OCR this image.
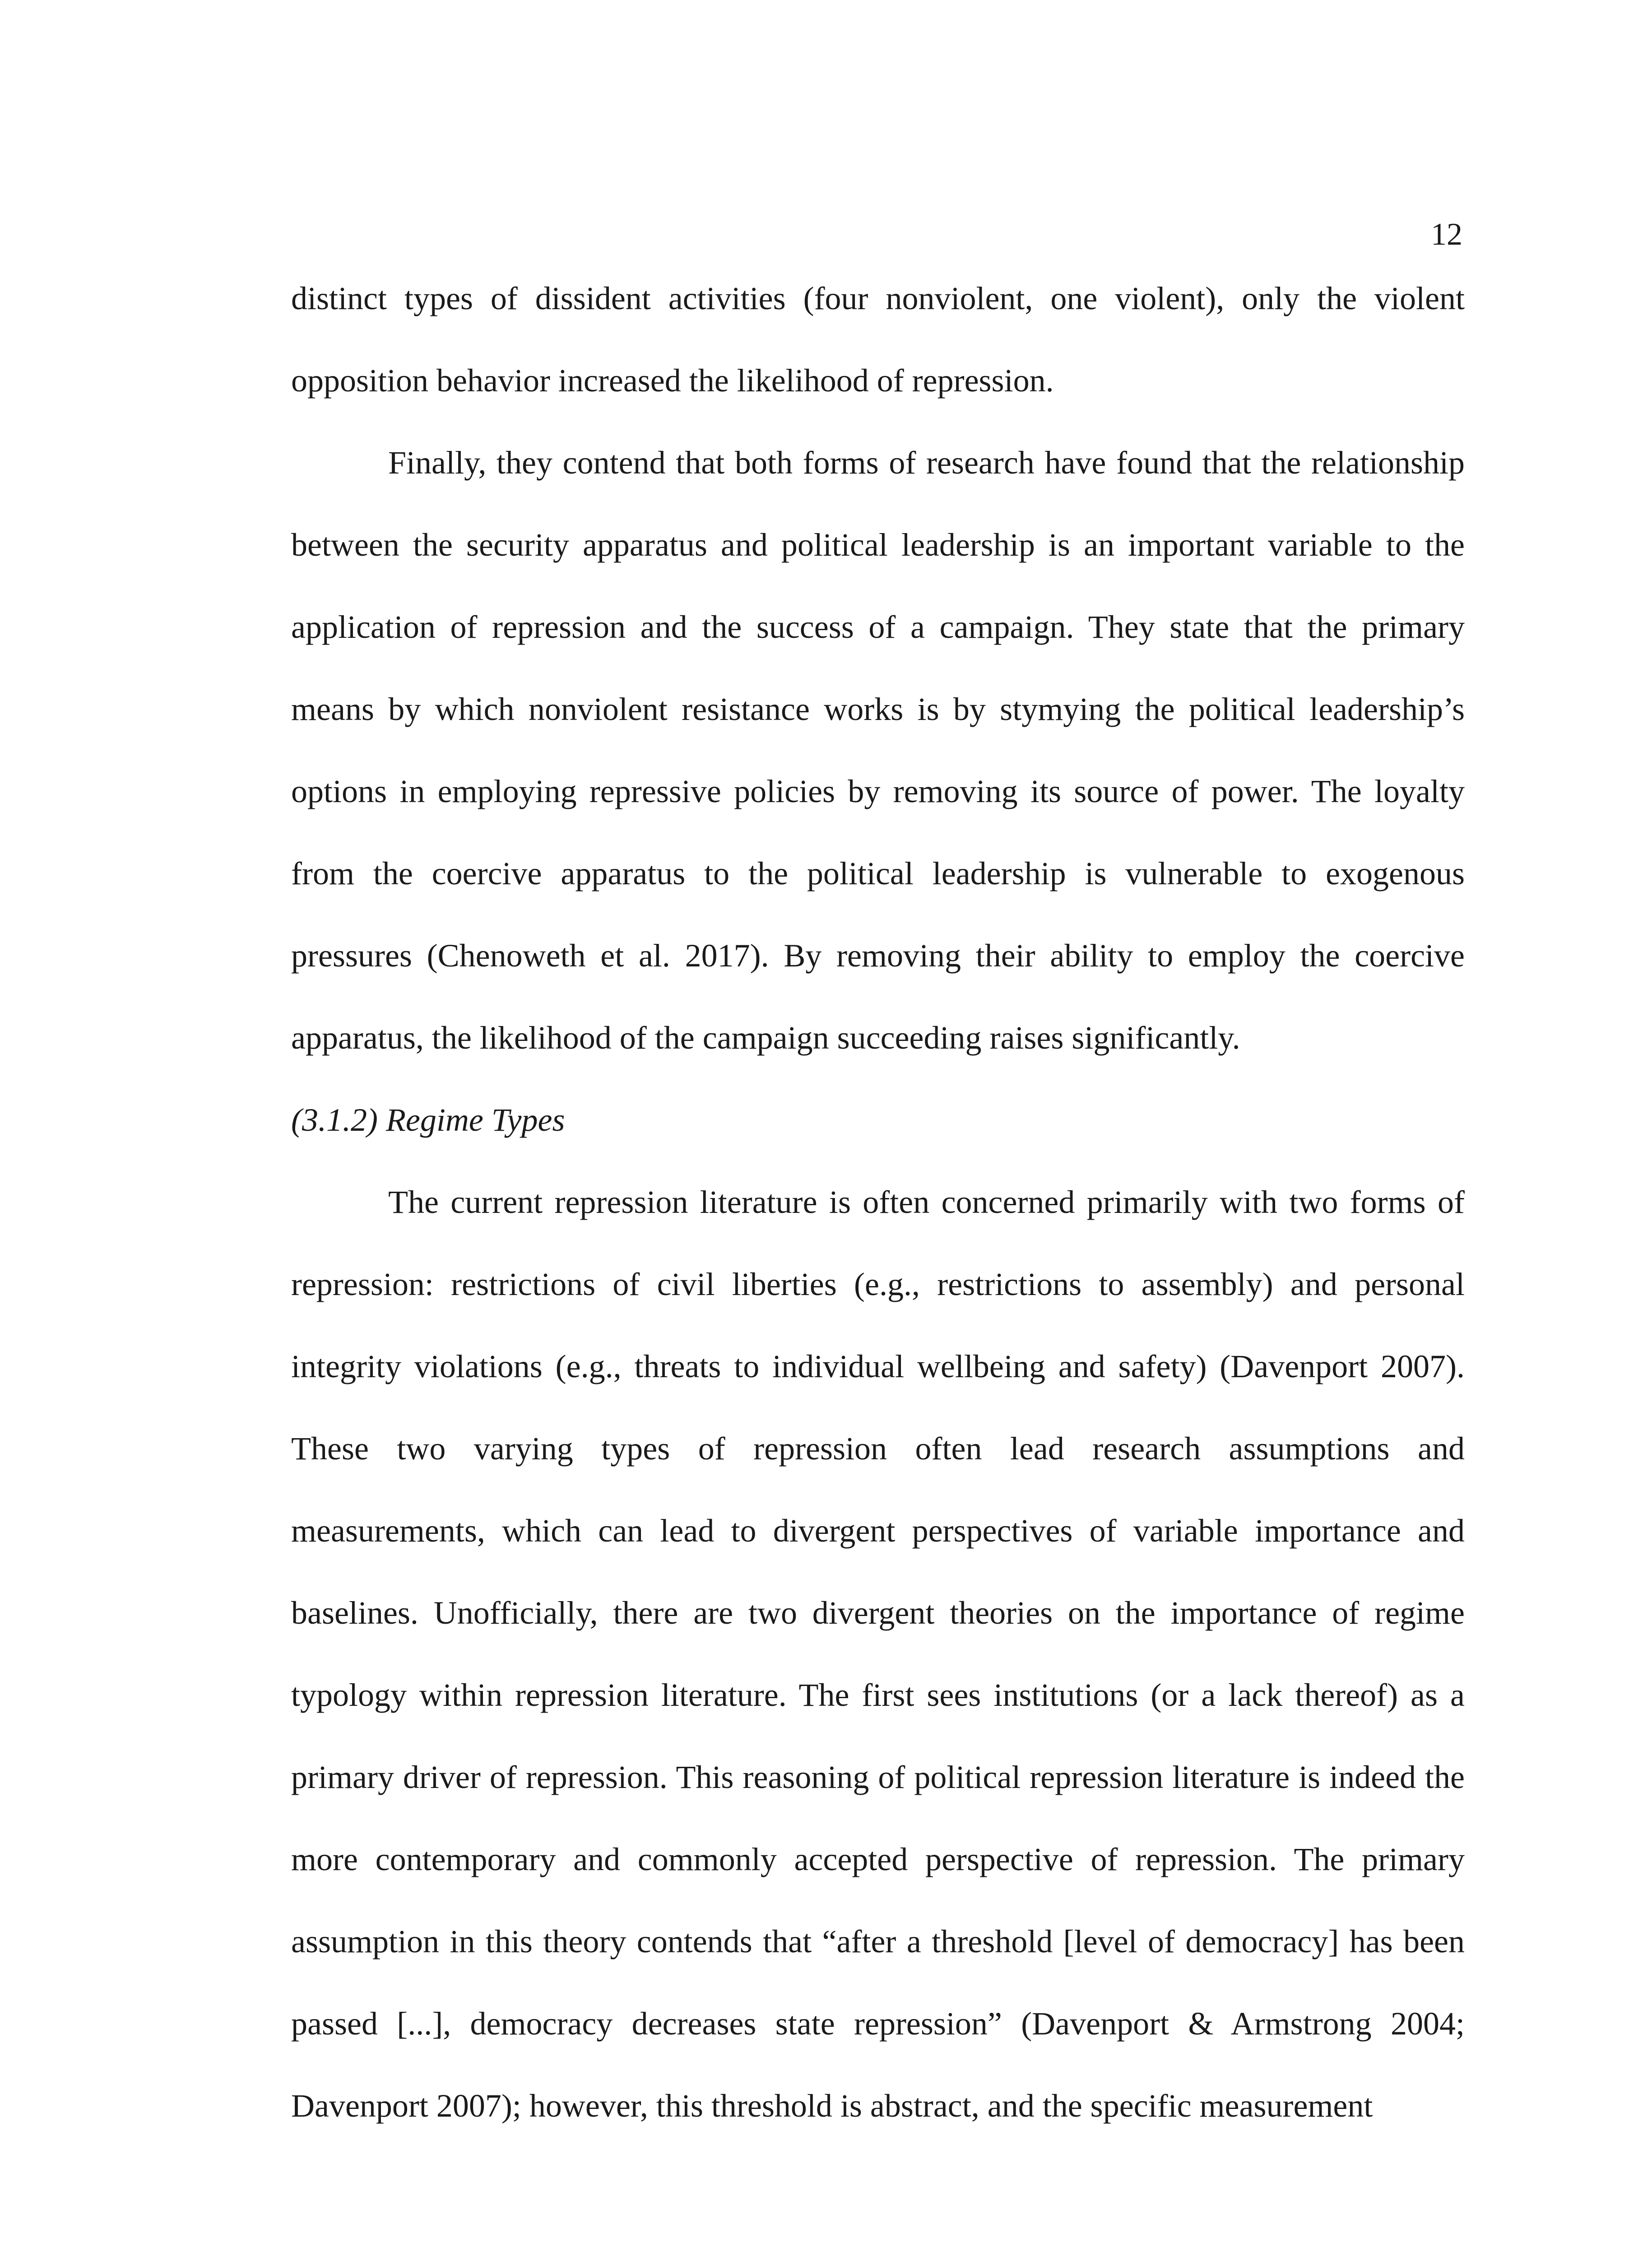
12

distinct types of dissident activities (four nonviolent, one violent), only the violent opposition behavior increased the likelihood of repression.

Finally, they contend that both forms of research have found that the relationship between the security apparatus and political leadership is an important variable to the application of repression and the success of a campaign. They state that the primary means by which nonviolent resistance works is by stymying the political leadership’s options in employing repressive policies by removing its source of power. The loyalty from the coercive apparatus to the political leadership is vulnerable to exogenous pressures (Chenoweth et al. 2017). By removing their ability to employ the coercive apparatus, the likelihood of the campaign succeeding raises significantly.

(3.1.2) Regime Types

The current repression literature is often concerned primarily with two forms of repression: restrictions of civil liberties (e.g., restrictions to assembly) and personal integrity violations (e.g., threats to individual wellbeing and safety) (Davenport 2007). These two varying types of repression often lead research assumptions and measurements, which can lead to divergent perspectives of variable importance and baselines. Unofficially, there are two divergent theories on the importance of regime typology within repression literature. The first sees institutions (or a lack thereof) as a primary driver of repression. This reasoning of political repression literature is indeed the more contemporary and commonly accepted perspective of repression. The primary assumption in this theory contends that “after a threshold [level of democracy] has been passed [...], democracy decreases state repression” (Davenport & Armstrong 2004; Davenport 2007); however, this threshold is abstract, and the specific measurement
